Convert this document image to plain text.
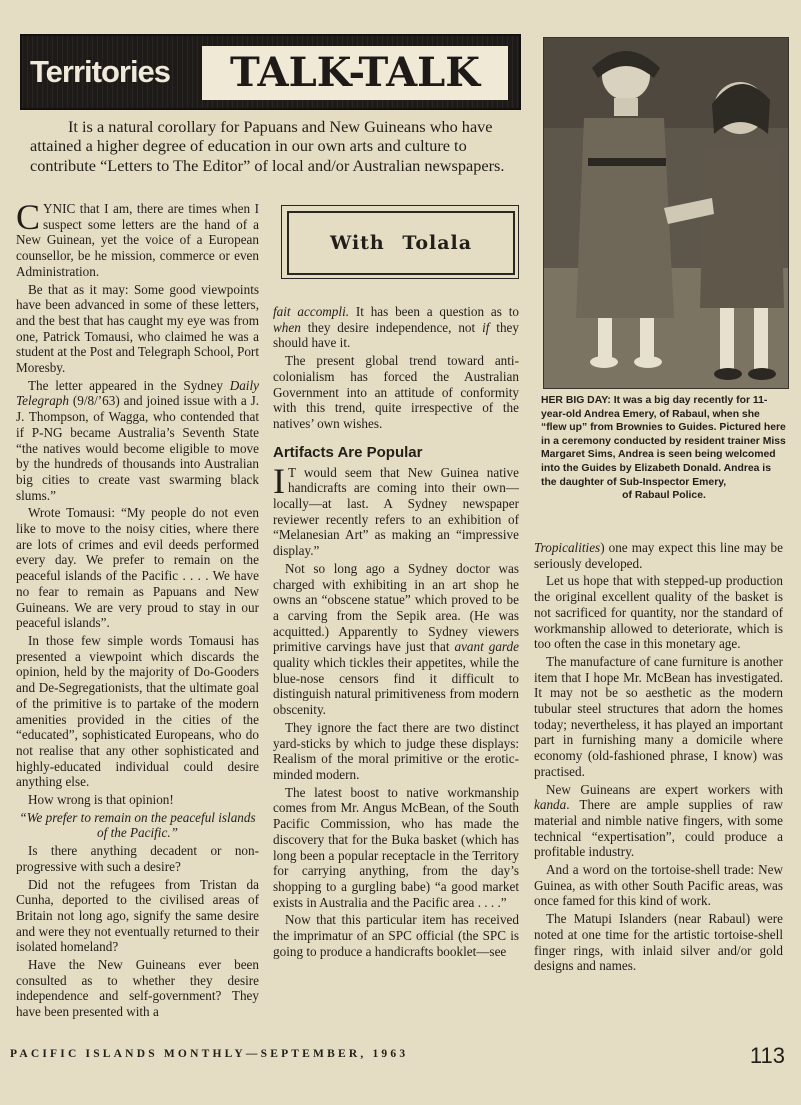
Territories	TALK-TALK

It is a natural corollary for Papuans and New Guineans who have attained a higher degree of education in our own arts and culture to contribute “Letters to The Editor” of local and/or Australian newspapers.

With Tolala

CYNIC that I am, there are times when I suspect some letters are the hand of a New Guinean, yet the voice of a European counsellor, be he mission, commerce or even Administration.

Be that as it may: Some good viewpoints have been advanced in some of these letters, and the best that has caught my eye was from one, Patrick Tomausi, who claimed he was a student at the Post and Telegraph School, Port Moresby.

The letter appeared in the Sydney Daily Telegraph (9/8/’63) and joined issue with a J. J. Thompson, of Wagga, who contended that if P-NG became Australia’s Seventh State “the natives would become eligible to move by the hundreds of thousands into Australian big cities to create vast swarming black slums.”

Wrote Tomausi: “My people do not even like to move to the noisy cities, where there are lots of crimes and evil deeds performed every day. We prefer to remain on the peaceful islands of the Pacific . . . . We have no fear to remain as Papuans and New Guineans. We are very proud to stay in our peaceful islands”.

In those few simple words Tomausi has presented a viewpoint which discards the opinion, held by the majority of Do-Gooders and De-Segregationists, that the ultimate goal of the primitive is to partake of the modern amenities provided in the cities of the “educated”, sophisticated Europeans, who do not realise that any other sophisticated and highly-educated individual could desire anything else.

How wrong is that opinion!

“We prefer to remain on the peaceful islands of the Pacific.”

Is there anything decadent or non-progressive with such a desire?

Did not the refugees from Tristan da Cunha, deported to the civilised areas of Britain not long ago, signify the same desire and were they not eventually returned to their isolated homeland?

Have the New Guineans ever been consulted as to whether they desire independence and self-government? They have been presented with a

fait accompli. It has been a question as to when they desire independence, not if they should have it.

The present global trend toward anti-colonialism has forced the Australian Government into an attitude of conformity with this trend, quite irrespective of the natives’ own wishes.

Artifacts Are Popular

I T would seem that New Guinea native handicrafts are coming into their own—locally—at last. A Sydney newspaper reviewer recently refers to an exhibition of “Melanesian Art” as making an “impressive display.”

Not so long ago a Sydney doctor was charged with exhibiting in an art shop he owns an “obscene statue” which proved to be a carving from the Sepik area. (He was acquitted.) Apparently to Sydney viewers primitive carvings have just that avant garde quality which tickles their appetites, while the blue-nose censors find it difficult to distinguish natural primitiveness from modern obscenity.

They ignore the fact there are two distinct yard-sticks by which to judge these displays: Realism of the moral primitive or the erotic-minded modern.

The latest boost to native workmanship comes from Mr. Angus McBean, of the South Pacific Commission, who has made the discovery that for the Buka basket (which has long been a popular receptacle in the Territory for carrying anything, from the day’s shopping to a gurgling babe) “a good market exists in Australia and the Pacific area . . . .”

Now that this particular item has received the imprimatur of an SPC official (the SPC is going to produce a handicrafts booklet—see

HER BIG DAY: It was a big day recently for 11-year-old Andrea Emery, of Rabaul, when she “flew up” from Brownies to Guides. Pictured here in a ceremony conducted by resident trainer Miss Margaret Sims, Andrea is seen being welcomed into the Guides by Elizabeth Donald. Andrea is the daughter of Sub-Inspector Emery,
of Rabaul Police.

Tropicalities) one may expect this line may be seriously developed.

Let us hope that with stepped-up production the original excellent quality of the basket is not sacrificed for quantity, nor the standard of workmanship allowed to deteriorate, which is too often the case in this monetary age.

The manufacture of cane furniture is another item that I hope Mr. McBean has investigated. It may not be so aesthetic as the modern tubular steel structures that adorn the homes today; nevertheless, it has played an important part in furnishing many a domicile where economy (old-fashioned phrase, I know) was practised.

New Guineans are expert workers with kanda. There are ample supplies of raw material and nimble native fingers, with some technical “expertisation”, could produce a profitable industry.

And a word on the tortoise-shell trade: New Guinea, as with other South Pacific areas, was once famed for this kind of work.

The Matupi Islanders (near Rabaul) were noted at one time for the artistic tortoise-shell finger rings, with inlaid silver and/or gold designs and names.

PACIFIC ISLANDS MONTHLY—SEPTEMBER, 1963	113
